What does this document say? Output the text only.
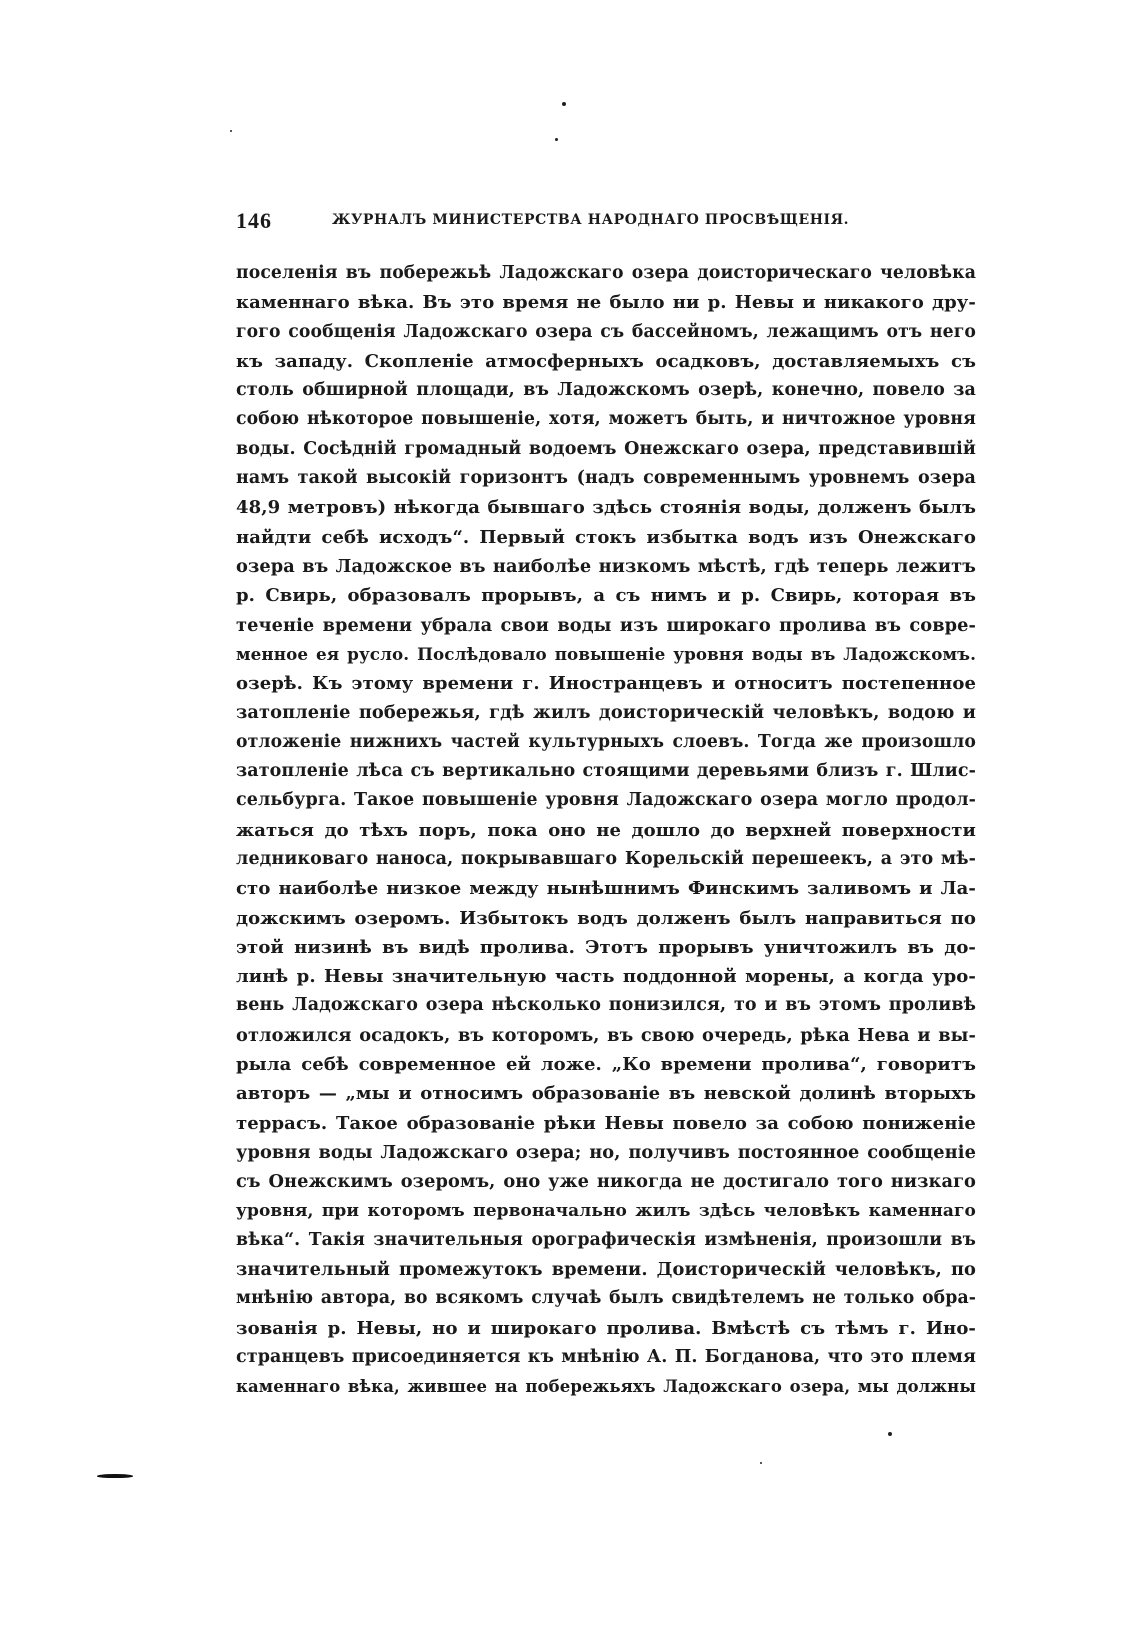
146	ЖУРНАЛЪ МИНИСТЕРСТВА НАРОДНАГО ПРОСВѢЩЕНІЯ.
поселенія въ побережьѣ Ладожскаго озера доисторическаго человѣка
каменнаго вѣка. Въ это время не было ни р. Невы и никакого дру-
гого сообщенія Ладожскаго озера съ бассейномъ, лежащимъ отъ него
къ западу. Скопленіе атмосферныхъ осадковъ, доставляемыхъ съ
столь обширной площади, въ Ладожскомъ озерѣ, конечно, повело за
собою нѣкоторое повышеніе, хотя, можетъ быть, и ничтожное уровня
воды. Сосѣдній громадный водоемъ Онежскаго озера, представившій
намъ такой высокій горизонтъ (надъ современнымъ уровнемъ озера
48,9 метровъ) нѣкогда бывшаго здѣсь стоянія воды, долженъ былъ
найдти себѣ исходъ“. Первый стокъ избытка водъ изъ Онежскаго
озера въ Ладожское въ наиболѣе низкомъ мѣстѣ, гдѣ теперь лежитъ
р. Свирь, образовалъ прорывъ, а съ нимъ и р. Свирь, которая въ
теченіе времени убрала свои воды изъ широкаго пролива въ совре-
менное ея русло. Послѣдовало повышеніе уровня воды въ Ладожскомъ.
озерѣ. Къ этому времени г. Иностранцевъ и относитъ постепенное
затопленіе побережья, гдѣ жилъ доисторическій человѣкъ, водою и
отложеніе нижнихъ частей культурныхъ слоевъ. Тогда же произошло
затопленіе лѣса съ вертикально стоящими деревьями близъ г. Шлис-
сельбурга. Такое повышеніе уровня Ладожскаго озера могло продол-
жаться до тѣхъ поръ, пока оно не дошло до верхней поверхности
ледниковаго наноса, покрывавшаго Корельскій перешеекъ, а это мѣ-
сто наиболѣе низкое между нынѣшнимъ Финскимъ заливомъ и Ла-
дожскимъ озеромъ. Избытокъ водъ долженъ былъ направиться по
этой низинѣ въ видѣ пролива. Этотъ прорывъ уничтожилъ въ до-
линѣ р. Невы значительную часть поддонной морены, а когда уро-
вень Ладожскаго озера нѣсколько понизился, то и въ этомъ проливѣ
отложился осадокъ, въ которомъ, въ свою очередь, рѣка Нева и вы-
рыла себѣ современное ей ложе. „Ко времени пролива“, говоритъ
авторъ — „мы и относимъ образованіе въ невской долинѣ вторыхъ
террасъ. Такое образованіе рѣки Невы повело за собою пониженіе
уровня воды Ладожскаго озера; но, получивъ постоянное сообщеніе
съ Онежскимъ озеромъ, оно уже никогда не достигало того низкаго
уровня, при которомъ первоначально жилъ здѣсь человѣкъ каменнаго
вѣка“. Такія значительныя орографическія измѣненія, произошли въ
значительный промежутокъ времени. Доисторическій человѣкъ, по
мнѣнію автора, во всякомъ случаѣ былъ свидѣтелемъ не только обра-
зованія р. Невы, но и широкаго пролива. Вмѣстѣ съ тѣмъ г. Ино-
странцевъ присоединяется къ мнѣнію А. П. Богданова, что это племя
каменнаго вѣка, жившее на побережьяхъ Ладожскаго озера, мы должны
